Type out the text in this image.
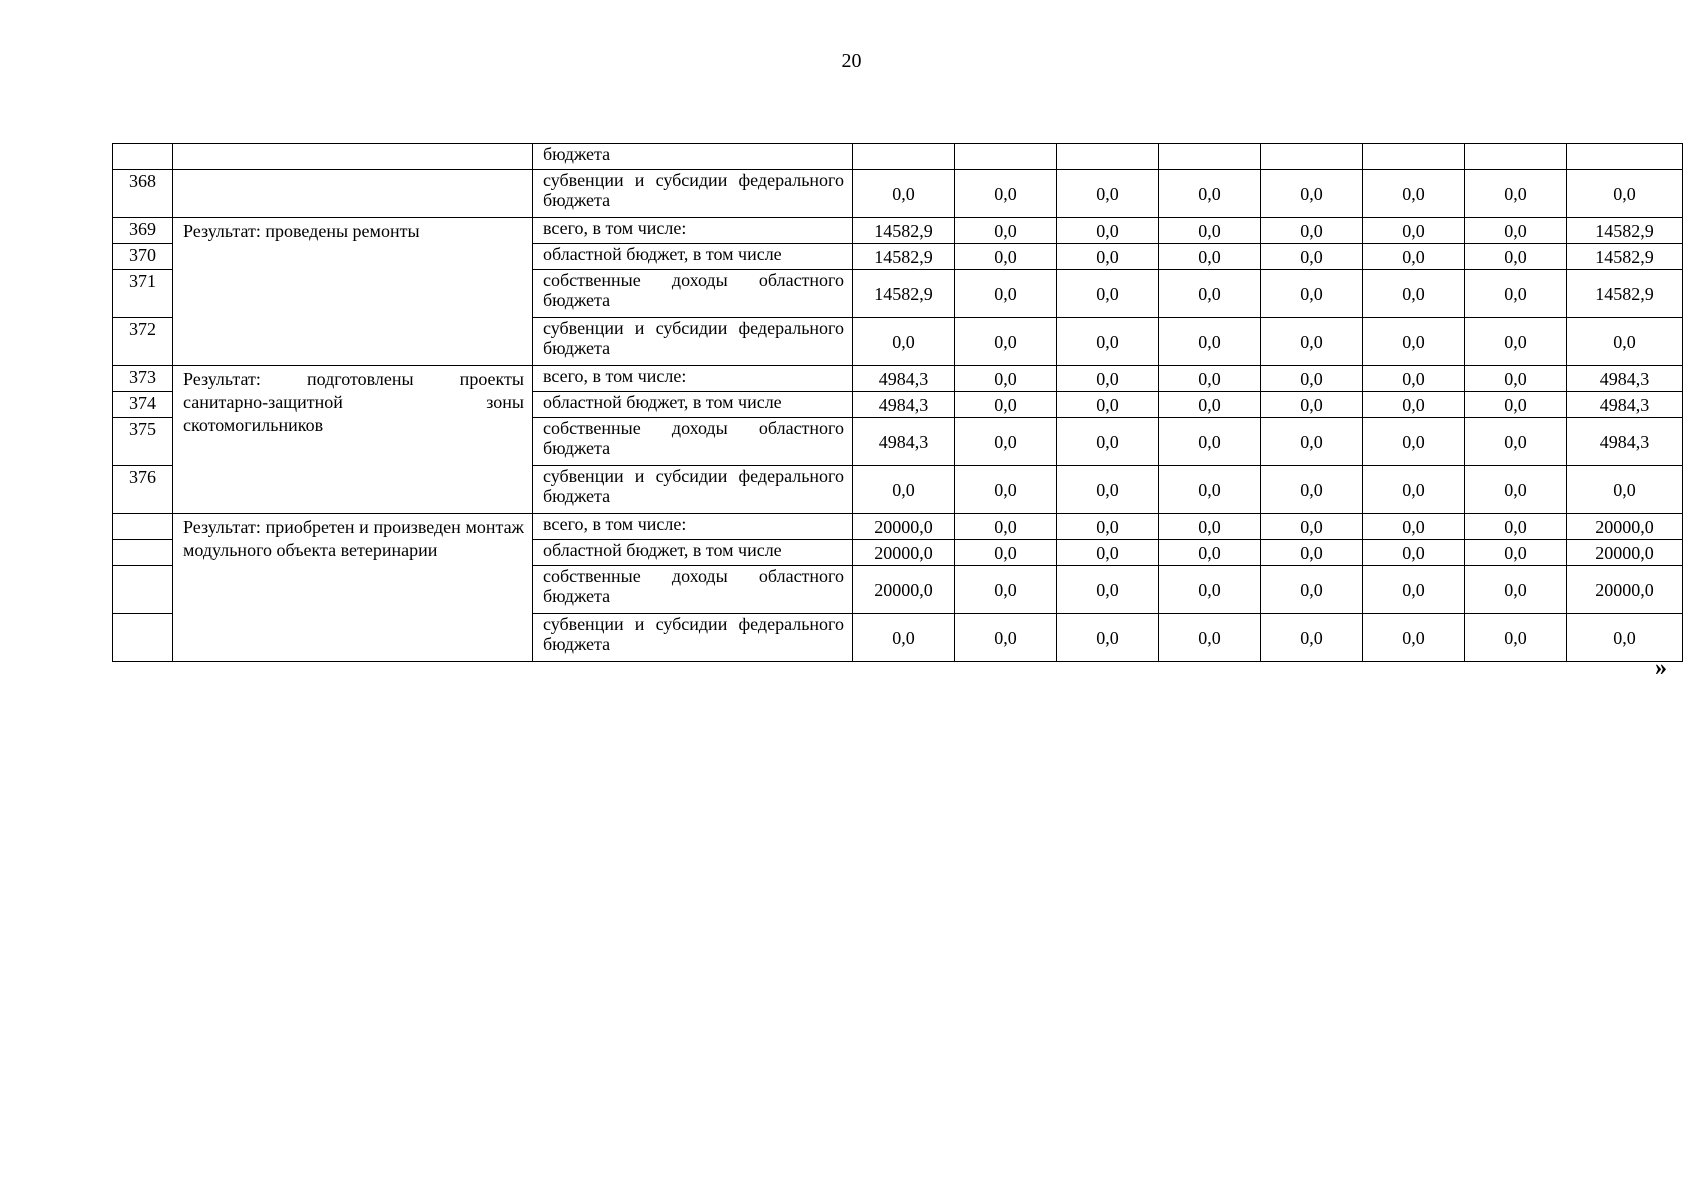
20
		бюджета								
368		субвенции и субсидии федерального бюджета	0,0	0,0	0,0	0,0	0,0	0,0	0,0	0,0
369	Результат: проведены ремонты	всего, в том числе:	14582,9	0,0	0,0	0,0	0,0	0,0	0,0	14582,9
370		областной бюджет, в том числе	14582,9	0,0	0,0	0,0	0,0	0,0	0,0	14582,9
371		собственные доходы областного бюджета	14582,9	0,0	0,0	0,0	0,0	0,0	0,0	14582,9
372		субвенции и субсидии федерального бюджета	0,0	0,0	0,0	0,0	0,0	0,0	0,0	0,0
373	Результат: подготовлены проекты санитарно-защитной зоны скотомогильников	всего, в том числе:	4984,3	0,0	0,0	0,0	0,0	0,0	0,0	4984,3
374		областной бюджет, в том числе	4984,3	0,0	0,0	0,0	0,0	0,0	0,0	4984,3
375		собственные доходы областного бюджета	4984,3	0,0	0,0	0,0	0,0	0,0	0,0	4984,3
376		субвенции и субсидии федерального бюджета	0,0	0,0	0,0	0,0	0,0	0,0	0,0	0,0
	Результат: приобретен и произведен монтаж модульного объекта ветеринарии	всего, в том числе:	20000,0	0,0	0,0	0,0	0,0	0,0	0,0	20000,0
		областной бюджет, в том числе	20000,0	0,0	0,0	0,0	0,0	0,0	0,0	20000,0
		собственные доходы областного бюджета	20000,0	0,0	0,0	0,0	0,0	0,0	0,0	20000,0
		субвенции и субсидии федерального бюджета	0,0	0,0	0,0	0,0	0,0	0,0	0,0	0,0
»
